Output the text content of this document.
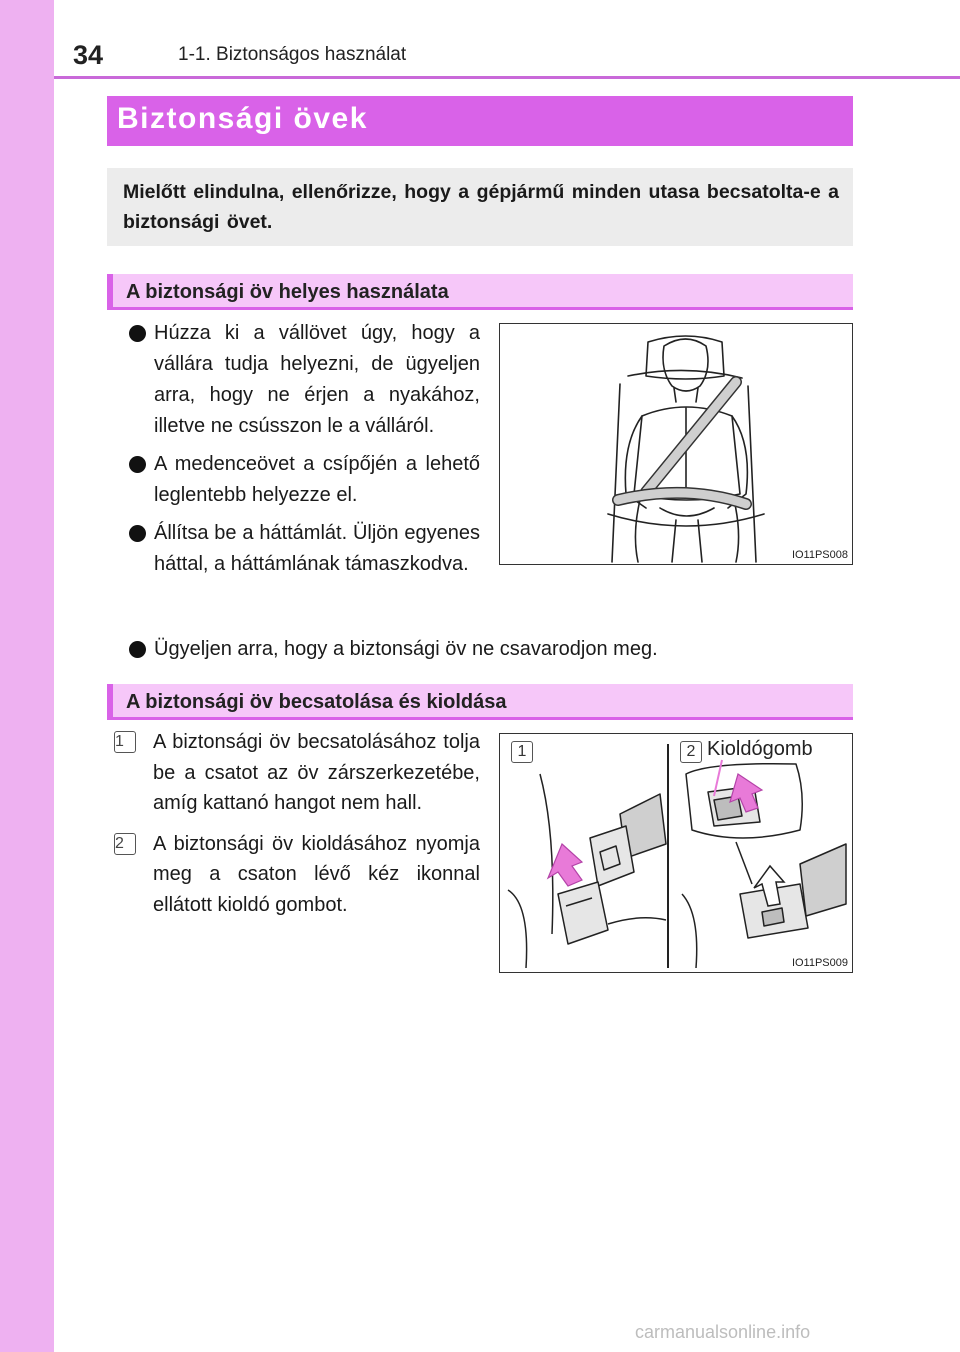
34	1-1. Biztonságos használat
Biztonsági övek

Mielőtt elindulna, ellenőrizze, hogy a gépjármű minden utasa becsatolta-e a biztonsági övet.

A biztonsági öv helyes használata
Húzza ki a vállövet úgy, hogy a vállára tudja helyezni, de ügyeljen arra, hogy ne érjen a nyakához, illetve ne csússzon le a válláról.
A medenceövet a csípőjén a lehető leglentebb helyezze el.
Állítsa be a háttámlát. Üljön egyenes háttal, a háttámlának támaszkodva.
Ügyeljen arra, hogy a biztonsági öv ne csavarodjon meg.
IO11PS008
A biztonsági öv becsatolása és kioldása
1	A biztonsági öv becsatolásához tolja be a csatot az öv zárszerkezetébe, amíg kattanó hangot nem hall.
2	A biztonsági öv kioldásához nyomja meg a csaton lévő kéz ikonnal ellátott kioldó gombot.
1	2 Kioldógomb
IO11PS009
carmanualsonline.info
